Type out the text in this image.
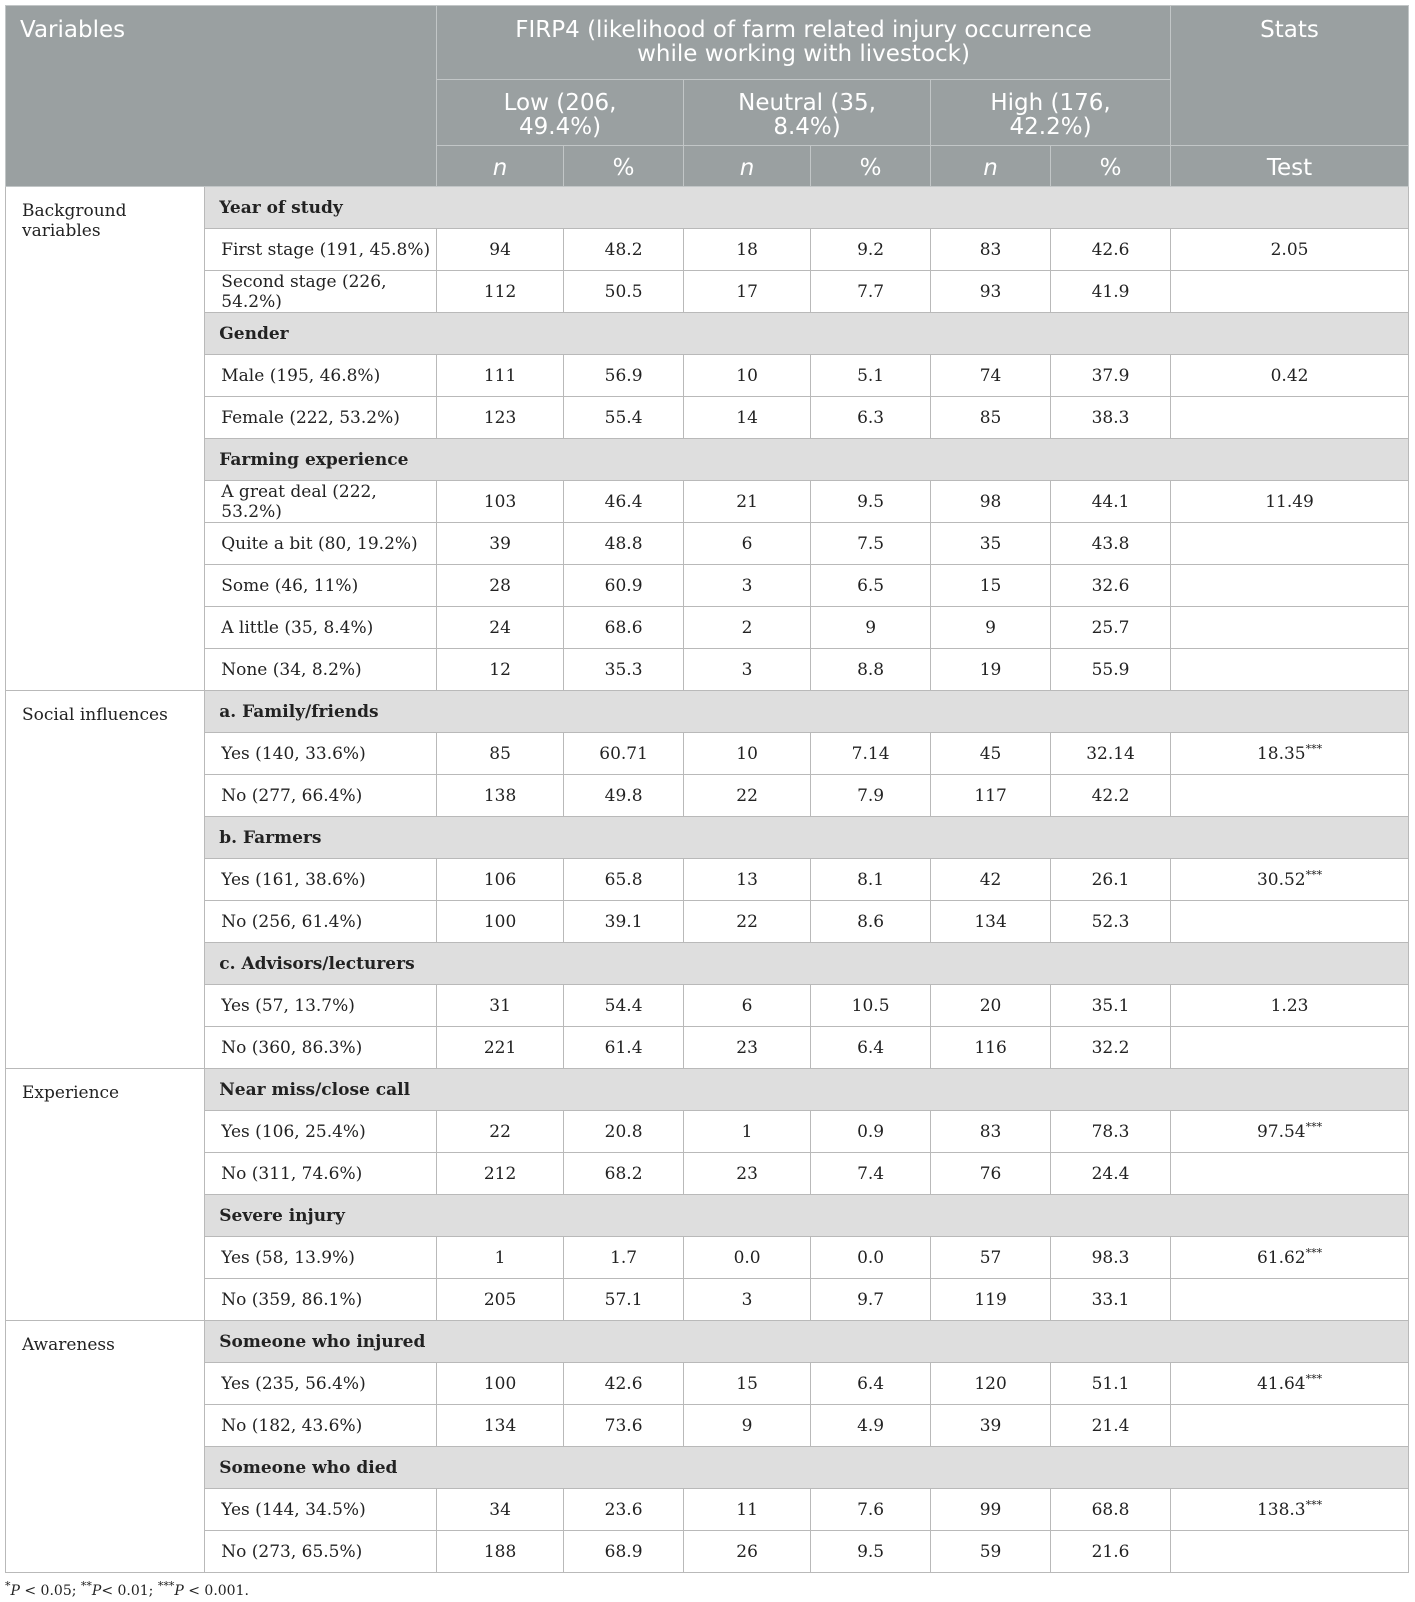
Variables		FIRP4 (likelihood of farm related injury occurrence while working with livestock)						Stats

		Low (206, 49.4%)		Neutral (35, 8.4%)		High (176, 42.2%)		

		n	%	n	%	n	%	Test
Background variables	Year of study							
	First stage (191, 45.8%)	94	48.2	18	9.2	83	42.6	2.05
	Second stage (226, 54.2%)	112	50.5	17	7.7	93	41.9	
	Gender							
	Male (195, 46.8%)	111	56.9	10	5.1	74	37.9	0.42
	Female (222, 53.2%)	123	55.4	14	6.3	85	38.3	
	Farming experience							
	A great deal (222, 53.2%)	103	46.4	21	9.5	98	44.1	11.49
	Quite a bit (80, 19.2%)	39	48.8	6	7.5	35	43.8	
	Some (46, 11%)	28	60.9	3	6.5	15	32.6	
	A little (35, 8.4%)	24	68.6	2	9	9	25.7	
	None (34, 8.2%)	12	35.3	3	8.8	19	55.9	
Social influences	a. Family/friends							
	Yes (140, 33.6%)	85	60.71	10	7.14	45	32.14	18.35***
	No (277, 66.4%)	138	49.8	22	7.9	117	42.2	
	b. Farmers							
	Yes (161, 38.6%)	106	65.8	13	8.1	42	26.1	30.52***
	No (256, 61.4%)	100	39.1	22	8.6	134	52.3	
	c. Advisors/lecturers							
	Yes (57, 13.7%)	31	54.4	6	10.5	20	35.1	1.23
	No (360, 86.3%)	221	61.4	23	6.4	116	32.2	
Experience	Near miss/close call							
	Yes (106, 25.4%)	22	20.8	1	0.9	83	78.3	97.54***
	No (311, 74.6%)	212	68.2	23	7.4	76	24.4	
	Severe injury							
	Yes (58, 13.9%)	1	1.7	0.0	0.0	57	98.3	61.62***
	No (359, 86.1%)	205	57.1	3	9.7	119	33.1	
Awareness	Someone who injured							
	Yes (235, 56.4%)	100	42.6	15	6.4	120	51.1	41.64***
	No (182, 43.6%)	134	73.6	9	4.9	39	21.4	
	Someone who died							
	Yes (144, 34.5%)	34	23.6	11	7.6	99	68.8	138.3***
	No (273, 65.5%)	188	68.9	26	9.5	59	21.6	
*P < 0.05; **P< 0.01; ***P < 0.001.
